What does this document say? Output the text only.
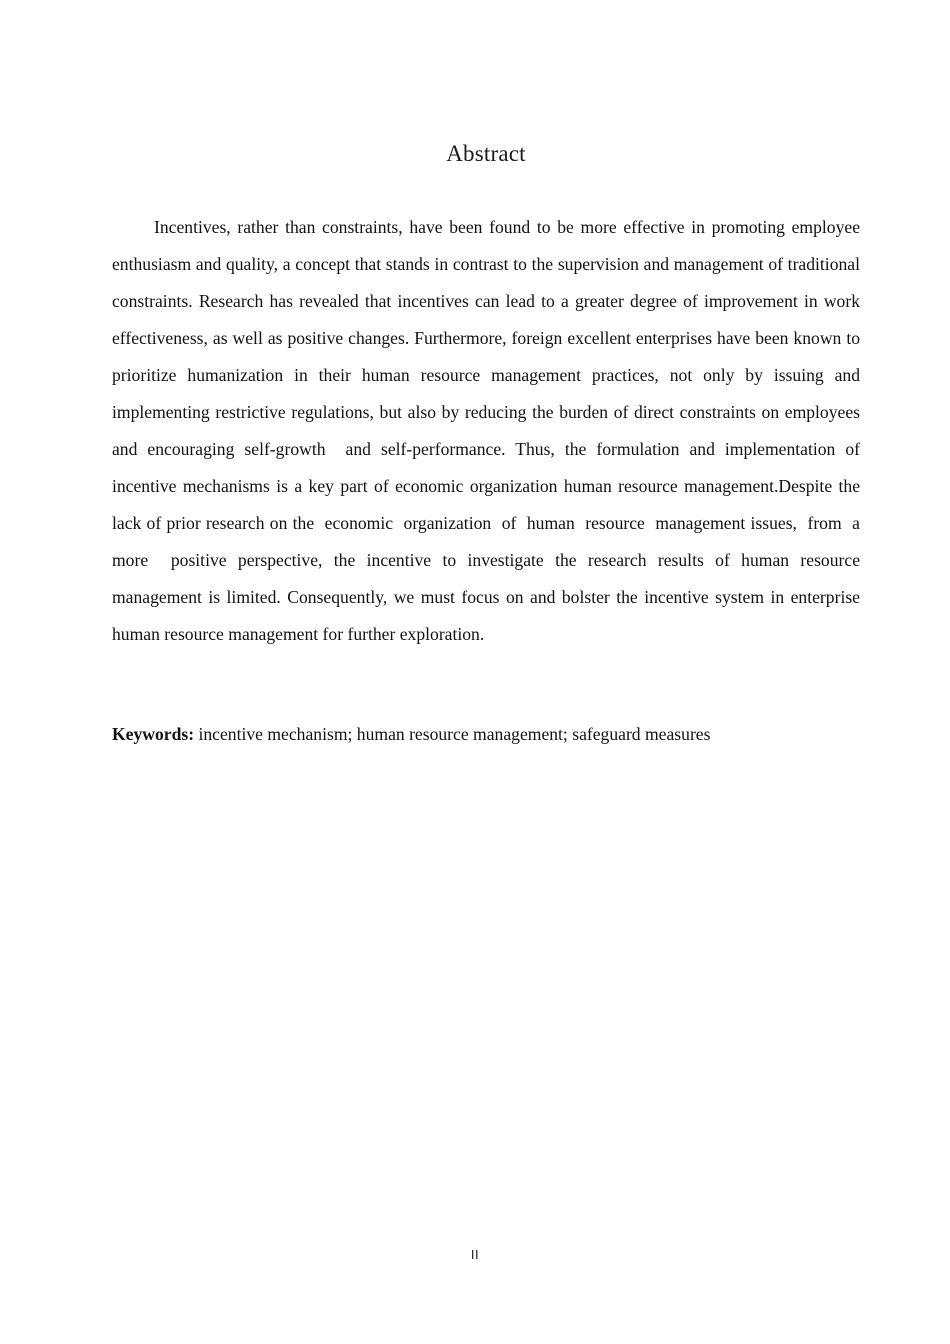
Abstract

Incentives, rather than constraints, have been found to be more effective in promoting employee enthusiasm and quality, a concept that stands in contrast to the supervision and management of traditional constraints. Research has revealed that incentives can lead to a greater degree of improvement in work effectiveness, as well as positive changes. Furthermore, foreign excellent enterprises have been known to prioritize humanization in their human resource management practices, not only by issuing and implementing restrictive regulations, but also by reducing the burden of direct constraints on employees and encouraging self-growth  and self-performance. Thus, the formulation and implementation of incentive mechanisms is a key part of economic organization human resource management.Despite the lack of prior research on the  economic  organization  of  human  resource  management issues,  from  a  more  positive perspective, the incentive to investigate the research results of human resource management is limited. Consequently, we must focus on and bolster the incentive system in enterprise human resource management for further exploration.

Keywords: incentive mechanism; human resource management; safeguard measures
II
